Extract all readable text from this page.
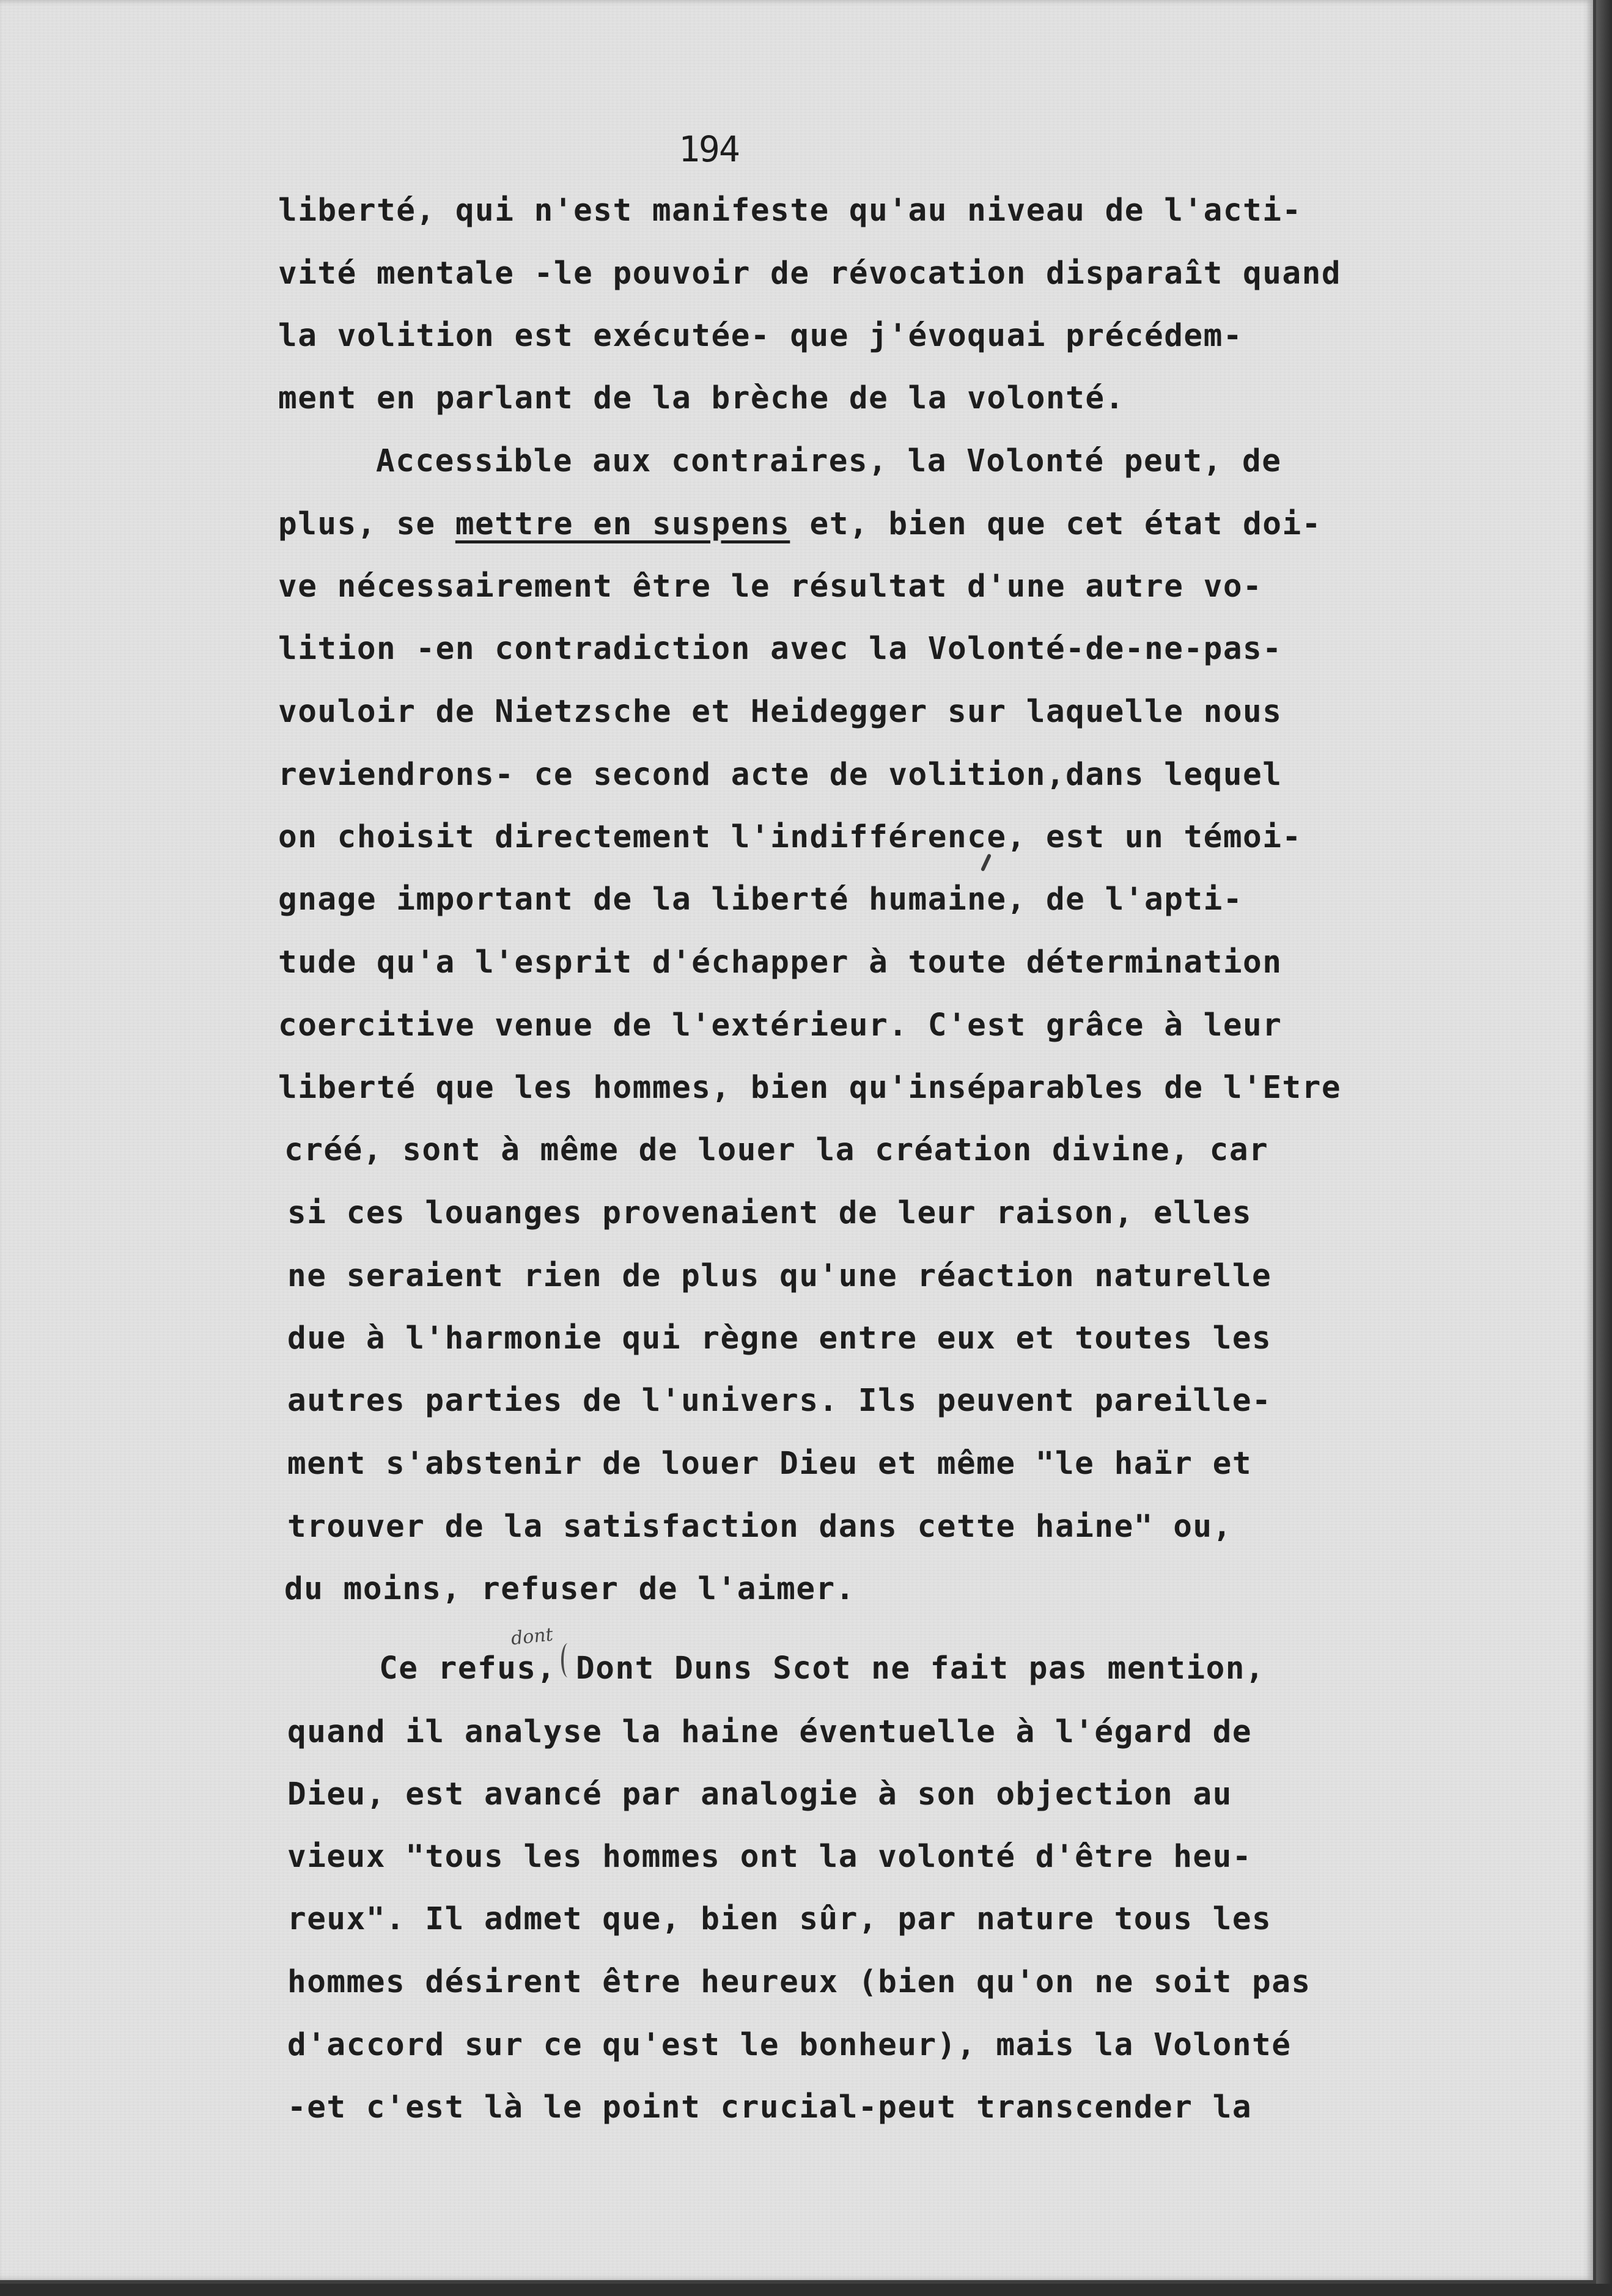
194
liberté, qui n'est manifeste qu'au niveau de l'acti-
vité mentale -le pouvoir de révocation disparaît quand
la volition est exécutée- que j'évoquai précédem-
ment en parlant de la brèche de la volonté.
Accessible aux contraires, la Volonté peut, de
plus, se mettre en suspens et, bien que cet état doi-
ve nécessairement être le résultat d'une autre vo-
lition -en contradiction avec la Volonté-de-ne-pas-
vouloir de Nietzsche et Heidegger sur laquelle nous
reviendrons- ce second acte de volition,dans lequel
on choisit directement l'indifférence, est un témoi-
gnage important de la liberté humaine, de l'apti-
tude qu'a l'esprit d'échapper à toute détermination
coercitive venue de l'extérieur. C'est grâce à leur
liberté que les hommes, bien qu'inséparables de l'Etre
créé, sont à même de louer la création divine, car
si ces louanges provenaient de leur raison, elles
ne seraient rien de plus qu'une réaction naturelle
due à l'harmonie qui règne entre eux et toutes les
autres parties de l'univers. Ils peuvent pareille-
ment s'abstenir de louer Dieu et même "le haïr et
trouver de la satisfaction dans cette haine" ou,
du moins, refuser de l'aimer.
Ce refus, Dont Duns Scot ne fait pas mention,
quand il analyse la haine éventuelle à l'égard de
Dieu, est avancé par analogie à son objection au
vieux "tous les hommes ont la volonté d'être heu-
reux". Il admet que, bien sûr, par nature tous les
hommes désirent être heureux (bien qu'on ne soit pas
d'accord sur ce qu'est le bonheur), mais la Volonté
-et c'est là le point crucial-peut transcender la
dont
